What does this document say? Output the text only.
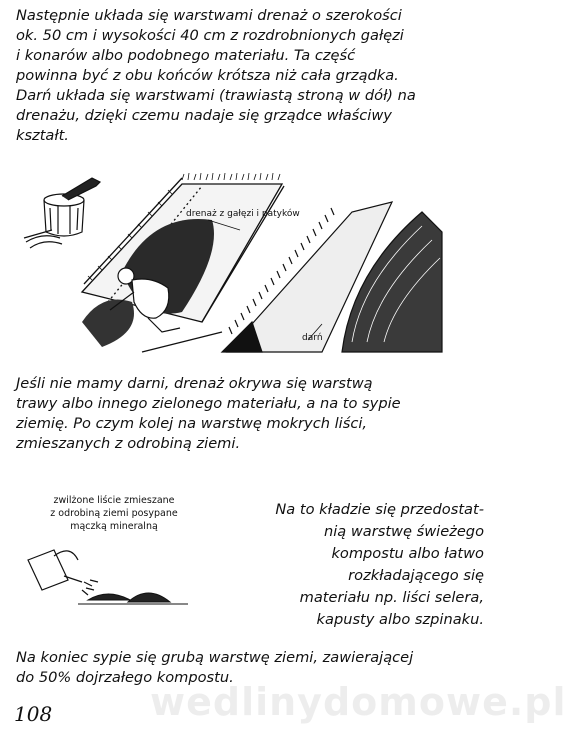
wedlinydomowe.pl
Następnie układa się warstwami drenaż o szerokości
ok. 50 cm i wysokości 40 cm z rozdrobnionych gałęzi
i konarów albo podobnego materiału. Ta część
powinna być z obu końców krótsza niż cała grządka.
Darń układa się warstwami (trawiastą stroną w dół) na
drenażu, dzięki czemu nadaje się grządce właściwy
kształt.
drenaż z gałęzi i patyków
darń
Jeśli nie mamy darni, drenaż okrywa się warstwą
trawy albo innego zielonego materiału, a na to sypie
ziemię. Po czym kolej na warstwę mokrych liści,
zmieszanych z odrobiną ziemi.
zwilżone liście zmieszane
z odrobiną ziemi posypane
mączką mineralną
Na to kładzie się przedostat-
nią warstwę świeżego
kompostu albo łatwo
rozkładającego się
materiału np. liści selera,
kapusty albo szpinaku.
Na koniec sypie się grubą warstwę ziemi, zawierającej
do 50% dojrzałego kompostu.
108
